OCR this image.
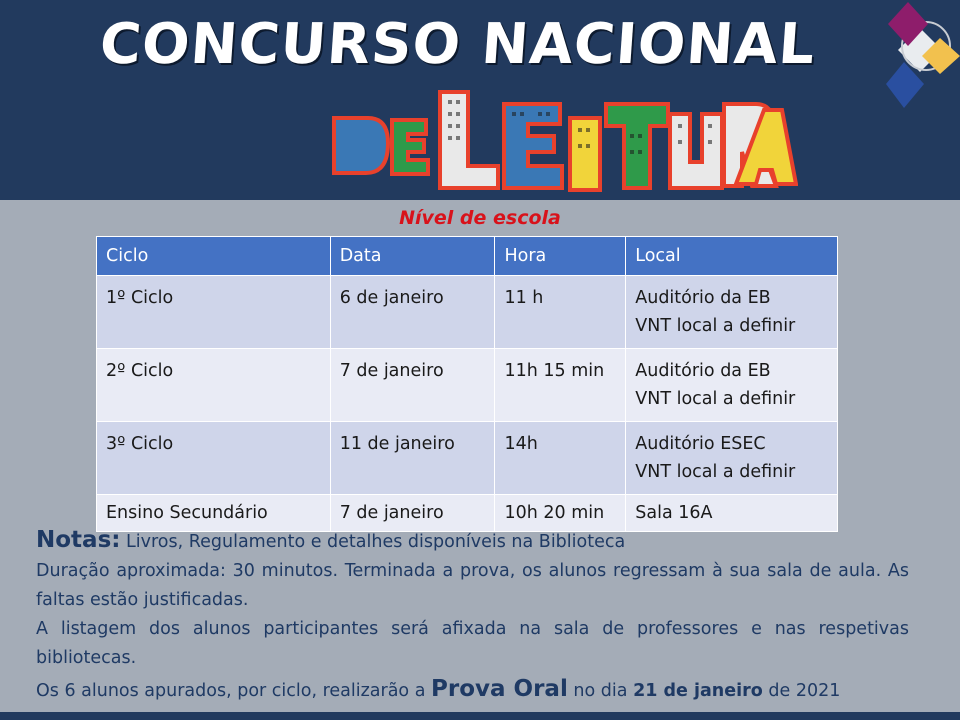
CONCURSO NACIONAL
Nível de escola
Ciclo	Data	Hora	Local
1º Ciclo	6 de janeiro	11 h	Auditório da EB
VNT local a definir

2º Ciclo	7 de janeiro	11h 15 min	Auditório da EB
VNT local a definir

3º Ciclo	11 de janeiro	14h	Auditório ESEC
VNT local a definir

Ensino Secundário	7 de janeiro	10h 20 min	Sala 16A

Notas: Livros, Regulamento e detalhes disponíveis na Biblioteca

Duração aproximada: 30 minutos. Terminada a prova, os alunos regressam à sua sala de aula. As faltas estão justificadas.

A listagem dos alunos participantes será afixada na sala de professores e nas respetivas bibliotecas.

Os 6 alunos apurados, por ciclo, realizarão a Prova Oral no dia 21 de janeiro de 2021
